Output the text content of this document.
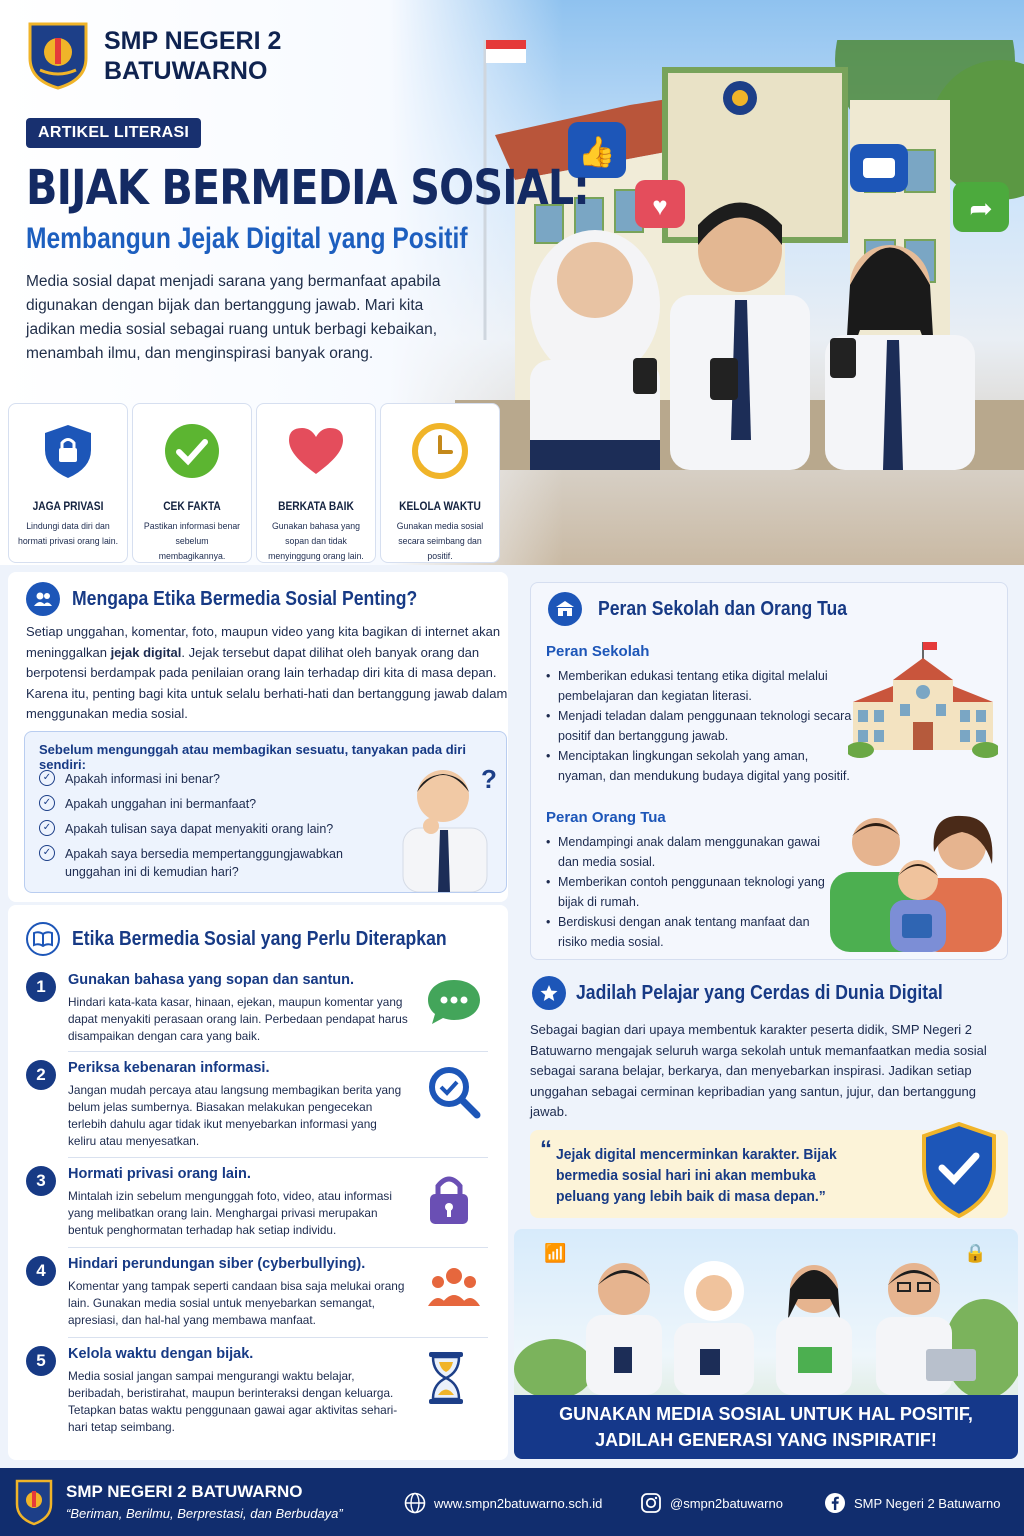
👍
♥	➦
SMP NEGERI 2
BATUWARNO
ARTIKEL LITERASI
BIJAK BERMEDIA SOSIAL:
Membangun Jejak Digital yang Positif
Media sosial dapat menjadi sarana yang bermanfaat apabila digunakan dengan bijak dan bertanggung jawab. Mari kita jadikan media sosial sebagai ruang untuk berbagi kebaikan, menambah ilmu, dan menginspirasi banyak orang.
JAGA PRIVASI
Lindungi data diri dan hormati privasi orang lain.
CEK FAKTA
Pastikan informasi benar sebelum membagikannya.
BERKATA BAIK
Gunakan bahasa yang sopan dan tidak menyinggung orang lain.
KELOLA WAKTU
Gunakan media sosial secara seimbang dan positif.
Mengapa Etika Bermedia Sosial Penting?
Setiap unggahan, komentar, foto, maupun video yang kita bagikan di internet akan meninggalkan jejak digital. Jejak tersebut dapat dilihat oleh banyak orang dan berpotensi berdampak pada penilaian orang lain terhadap diri kita di masa depan. Karena itu, penting bagi kita untuk selalu berhati-hati dan bertanggung jawab dalam menggunakan media sosial.
Sebelum mengunggah atau membagikan sesuatu, tanyakan pada diri sendiri:
✓	Apakah informasi ini benar?
✓	Apakah unggahan ini bermanfaat?
✓	Apakah tulisan saya dapat menyakiti orang lain?
✓	Apakah saya bersedia mempertanggungjawabkan unggahan ini di kemudian hari?
?
Etika Bermedia Sosial yang Perlu Diterapkan
1	Gunakan bahasa yang sopan dan santun.
Hindari kata-kata kasar, hinaan, ejekan, maupun komentar yang dapat menyakiti perasaan orang lain. Perbedaan pendapat harus disampaikan dengan cara yang baik.
2	Periksa kebenaran informasi.
Jangan mudah percaya atau langsung membagikan berita yang belum jelas sumbernya. Biasakan melakukan pengecekan terlebih dahulu agar tidak ikut menyebarkan informasi yang keliru atau menyesatkan.
3	Hormati privasi orang lain.
Mintalah izin sebelum mengunggah foto, video, atau informasi yang melibatkan orang lain. Menghargai privasi merupakan bentuk penghormatan terhadap hak setiap individu.
4	Hindari perundungan siber (cyberbullying).
Komentar yang tampak seperti candaan bisa saja melukai orang lain. Gunakan media sosial untuk menyebarkan semangat, apresiasi, dan hal-hal yang membawa manfaat.
5	Kelola waktu dengan bijak.
Media sosial jangan sampai mengurangi waktu belajar, beribadah, beristirahat, maupun berinteraksi dengan keluarga. Tetapkan batas waktu penggunaan gawai agar aktivitas sehari-hari tetap seimbang.
Peran Sekolah dan Orang Tua
Peran Sekolah
• Memberikan edukasi tentang etika digital melalui pembelajaran dan kegiatan literasi.
• Menjadi teladan dalam penggunaan teknologi secara positif dan bertanggung jawab.
• Menciptakan lingkungan sekolah yang aman, nyaman, dan mendukung budaya digital yang positif.
Peran Orang Tua
• Mendampingi anak dalam menggunakan gawai dan media sosial.
• Memberikan contoh penggunaan teknologi yang bijak di rumah.
• Berdiskusi dengan anak tentang manfaat dan risiko media sosial.
Jadilah Pelajar yang Cerdas di Dunia Digital
Sebagai bagian dari upaya membentuk karakter peserta didik, SMP Negeri 2 Batuwarno mengajak seluruh warga sekolah untuk memanfaatkan media sosial sebagai sarana belajar, berkarya, dan menyebarkan inspirasi. Jadikan setiap unggahan sebagai cerminan kepribadian yang santun, jujur, dan bertanggung jawab.
“ Jejak digital mencerminkan karakter. Bijak bermedia sosial hari ini akan membuka peluang yang lebih baik di masa depan.”
📶	🔒
GUNAKAN MEDIA SOSIAL UNTUK HAL POSITIF,
JADILAH GENERASI YANG INSPIRATIF!
SMP NEGERI 2 BATUWARNO
“Beriman, Berilmu, Berprestasi, dan Berbudaya”
www.smpn2batuwarno.sch.id	@smpn2batuwarno	SMP Negeri 2 Batuwarno
